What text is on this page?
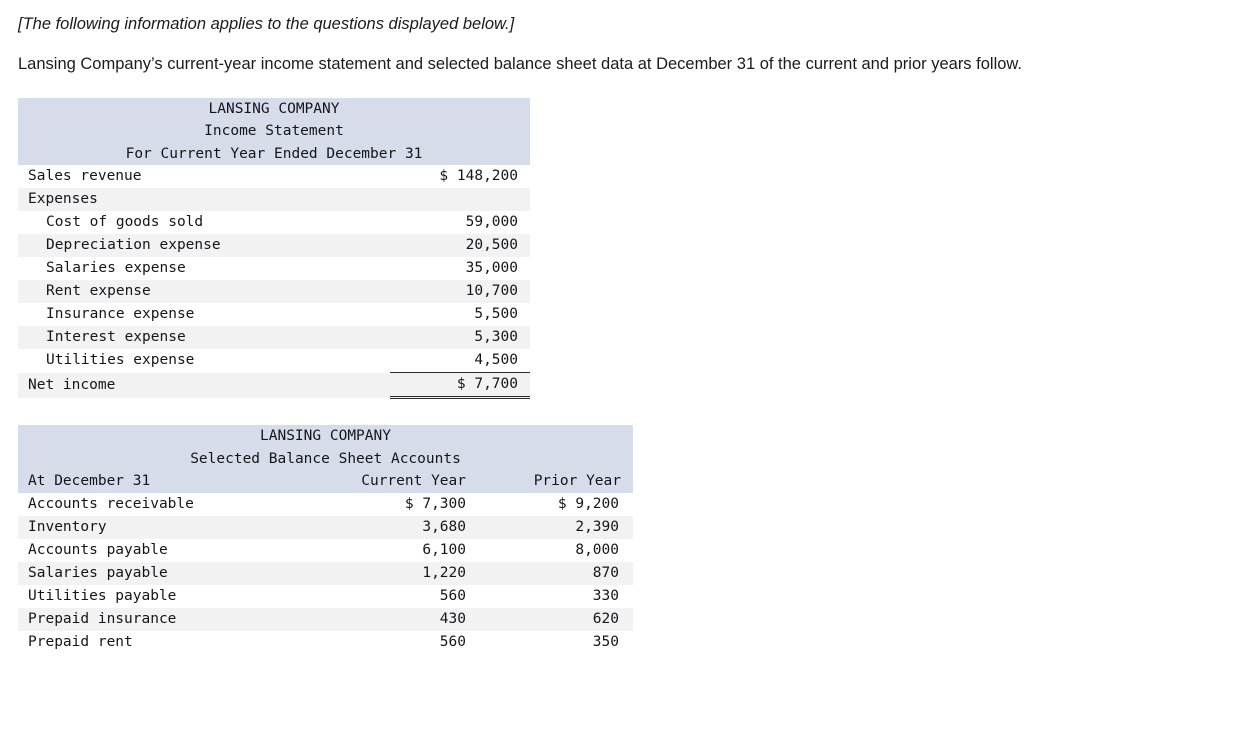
[The following information applies to the questions displayed below.]

Lansing Company’s current-year income statement and selected balance sheet data at December 31 of the current and prior years follow.

LANSING COMPANY	
Income Statement	
For Current Year Ended December 31	
Sales revenue	$ 148,200
Expenses	
Cost of goods sold	59,000
Depreciation expense	20,500
Salaries expense	35,000
Rent expense	10,700
Insurance expense	5,500
Interest expense	5,300
Utilities expense	4,500
Net income	$ 7,700
LANSING COMPANY		
Selected Balance Sheet Accounts		
At December 31	Current Year	Prior Year
Accounts receivable	$ 7,300	$ 9,200
Inventory	3,680	2,390
Accounts payable	6,100	8,000
Salaries payable	1,220	870
Utilities payable	560	330
Prepaid insurance	430	620
Prepaid rent	560	350
